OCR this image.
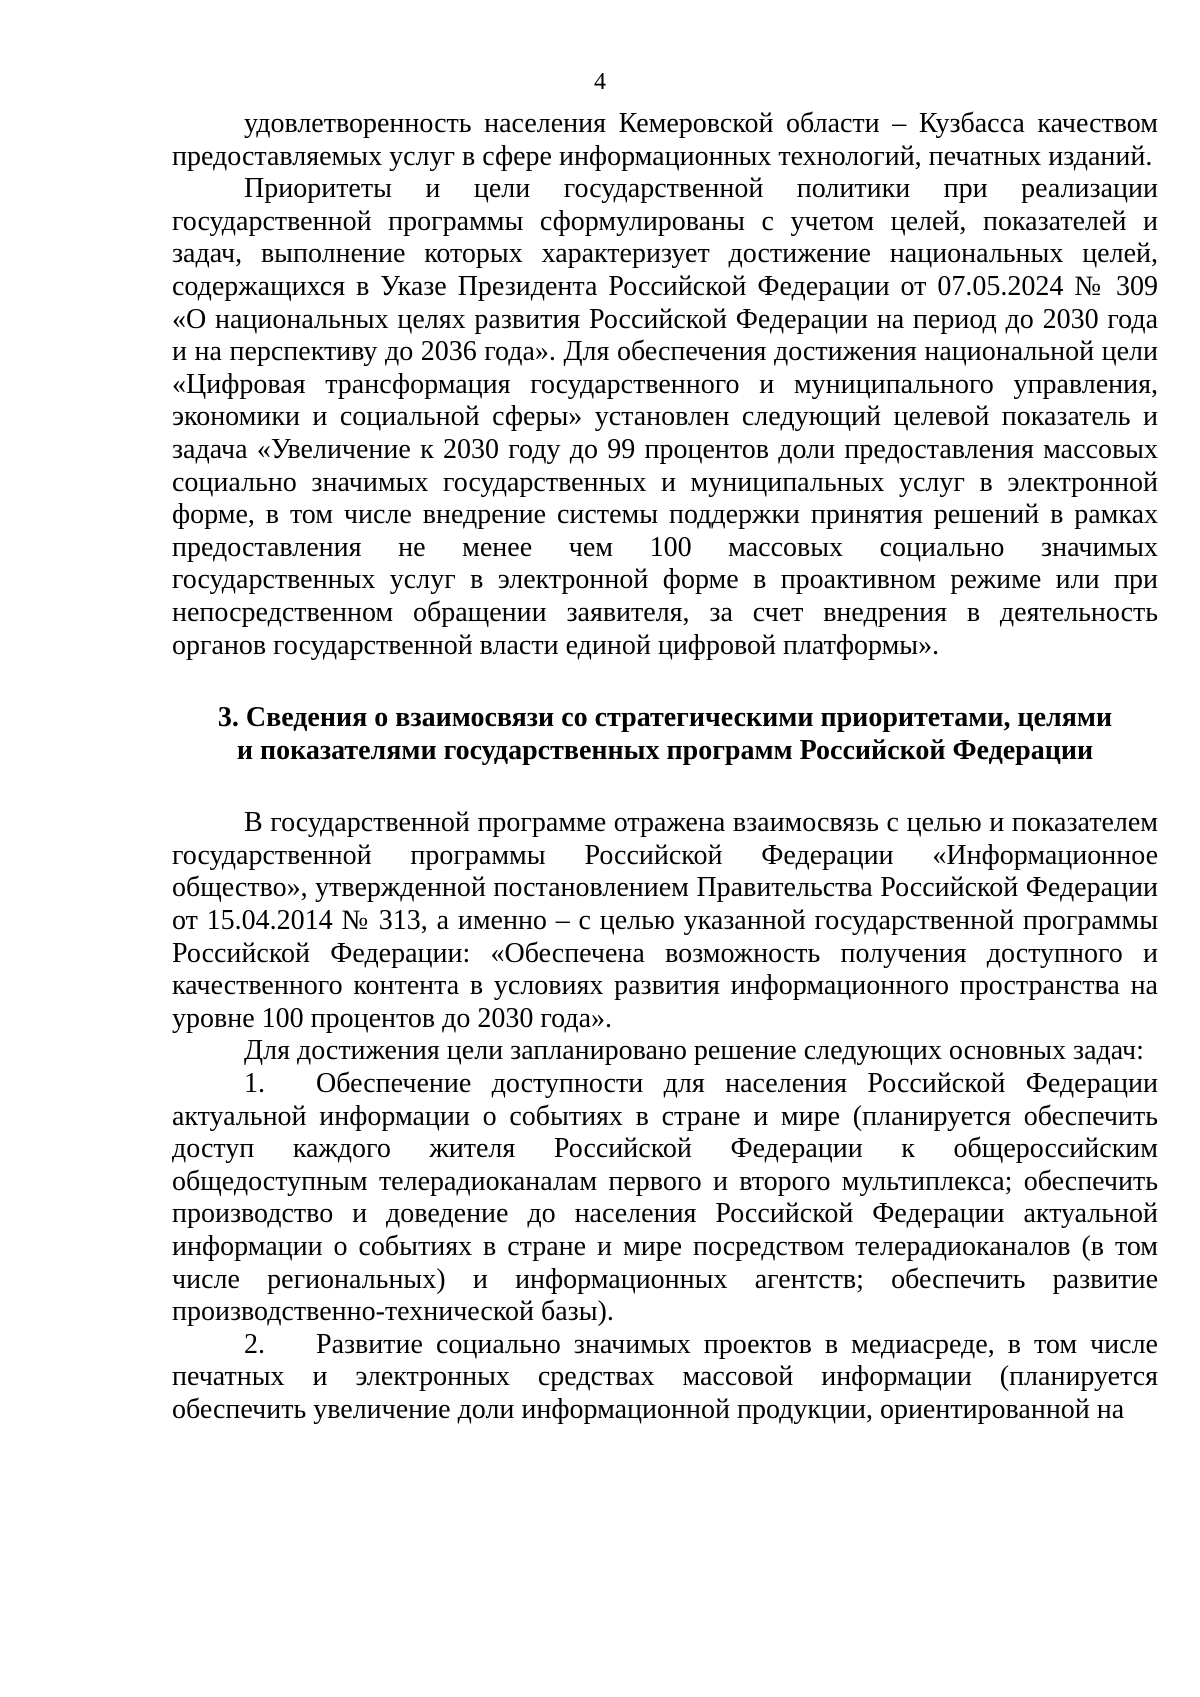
4

удовлетворенность населения Кемеровской области – Кузбасса качеством предоставляемых услуг в сфере информационных технологий, печатных изданий.

Приоритеты и цели государственной политики при реализации государственной программы сформулированы с учетом целей, показателей и задач, выполнение которых характеризует достижение национальных целей, содержащихся в Указе Президента Российской Федерации от 07.05.2024 № 309 «О национальных целях развития Российской Федерации на период до 2030 года и на перспективу до 2036 года». Для обеспечения достижения национальной цели «Цифровая трансформация государственного и муниципального управления, экономики и социальной сферы» установлен следующий целевой показатель и задача «Увеличение к 2030 году до 99 процентов доли предоставления массовых социально значимых государственных и муниципальных услуг в электронной форме, в том числе внедрение системы поддержки принятия решений в рамках предоставления не менее чем 100 массовых социально значимых государственных услуг в электронной форме в проактивном режиме или при непосредственном обращении заявителя, за счет внедрения в деятельность органов государственной власти единой цифровой платформы».

3. Сведения о взаимосвязи со стратегическими приоритетами, целями
и показателями государственных программ Российской Федерации

В государственной программе отражена взаимосвязь с целью и показателем государственной программы Российской Федерации «Информационное общество», утвержденной постановлением Правительства Российской Федерации от 15.04.2014 № 313, а именно – с целью указанной государственной программы Российской Федерации: «Обеспечена возможность получения доступного и качественного контента в условиях развития информационного пространства на уровне 100 процентов до 2030 года».

Для достижения цели запланировано решение следующих основных задач:

1. Обеспечение доступности для населения Российской Федерации актуальной информации о событиях в стране и мире (планируется обеспечить доступ каждого жителя Российской Федерации к общероссийским общедоступным телерадиоканалам первого и второго мультиплекса; обеспечить производство и доведение до населения Российской Федерации актуальной информации о событиях в стране и мире посредством телерадиоканалов (в том числе региональных) и информационных агентств; обеспечить развитие производственно-технической базы).

2. Развитие социально значимых проектов в медиасреде, в том числе печатных и электронных средствах массовой информации (планируется обеспечить увеличение доли информационной продукции, ориентированной на
